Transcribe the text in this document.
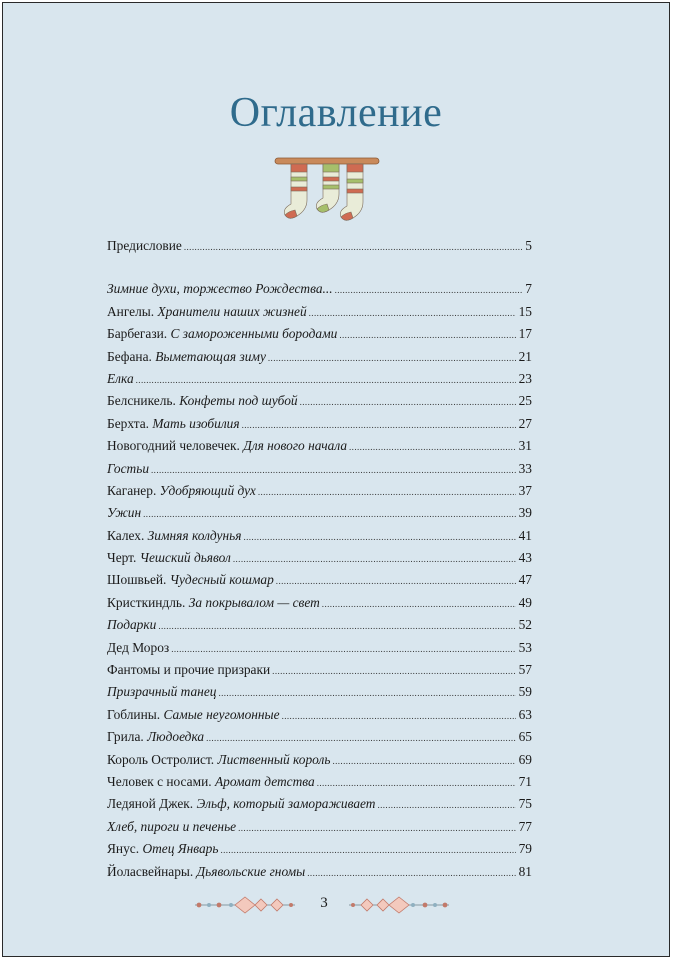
Оглавление
Предисловие .....	5
Зимние духи, торжество Рождества... .....	7
Ангелы. Хранители наших жизней .....	15
Барбегази. С замороженными бородами .....	17
Бефана. Выметающая зиму .....	21
Елка .....	23
Белсникель. Конфеты под шубой .....	25
Берхта. Мать изобилия .....	27
Новогодний человечек. Для нового начала .....	31
Гостьи .....	33
Каганер. Удобряющий дух .....	37
Ужин .....	39
Калех. Зимняя колдунья .....	41
Черт. Чешский дьявол .....	43
Шошвьей. Чудесный кошмар .....	47
Кристкиндль. За покрывалом — свет .....	49
Подарки .....	52
Дед Мороз .....	53
Фантомы и прочие призраки .....	57
Призрачный танец .....	59
Гоблины. Самые неугомонные .....	63
Грила. Людоедка .....	65
Король Остролист. Лиственный король .....	69
Человек с носами. Аромат детства .....	71
Ледяной Джек. Эльф, который замораживает .....	75
Хлеб, пироги и печенье .....	77
Янус. Отец Январь .....	79
Йоласвейнары. Дьявольские гномы .....	81
3
